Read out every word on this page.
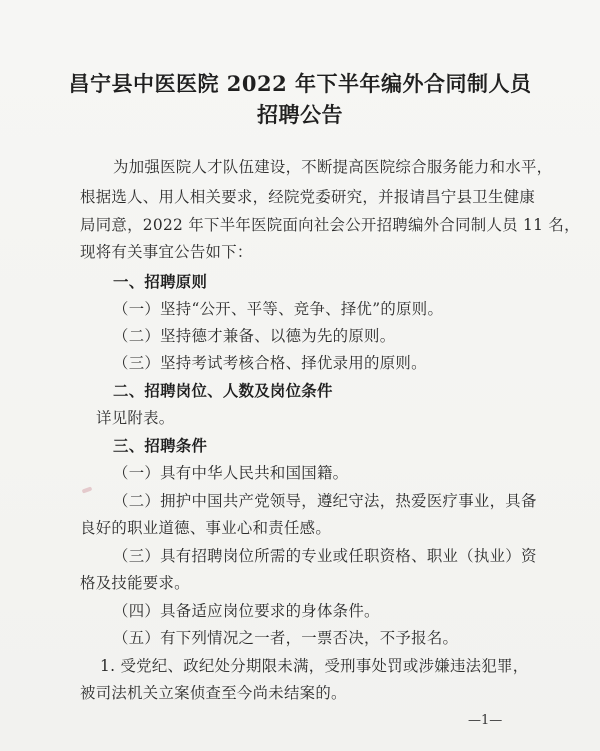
昌宁县中医医院 2022 年下半年编外合同制人员
招聘公告
为加强医院人才队伍建设，不断提高医院综合服务能力和水平，
根据选人、用人相关要求，经院党委研究，并报请昌宁县卫生健康
局同意，2022 年下半年医院面向社会公开招聘编外合同制人员 11 名，
现将有关事宜公告如下：
一、招聘原则
（一）坚持“公开、平等、竞争、择优”的原则。
（二）坚持德才兼备、以德为先的原则。
（三）坚持考试考核合格、择优录用的原则。
二、招聘岗位、人数及岗位条件
详见附表。
三、招聘条件
（一）具有中华人民共和国国籍。
（二）拥护中国共产党领导，遵纪守法，热爱医疗事业，具备
良好的职业道德、事业心和责任感。
（三）具有招聘岗位所需的专业或任职资格、职业（执业）资
格及技能要求。
（四）具备适应岗位要求的身体条件。
（五）有下列情况之一者，一票否决，不予报名。
1. 受党纪、政纪处分期限未满，受刑事处罚或涉嫌违法犯罪，
被司法机关立案侦查至今尚未结案的。
—1—
